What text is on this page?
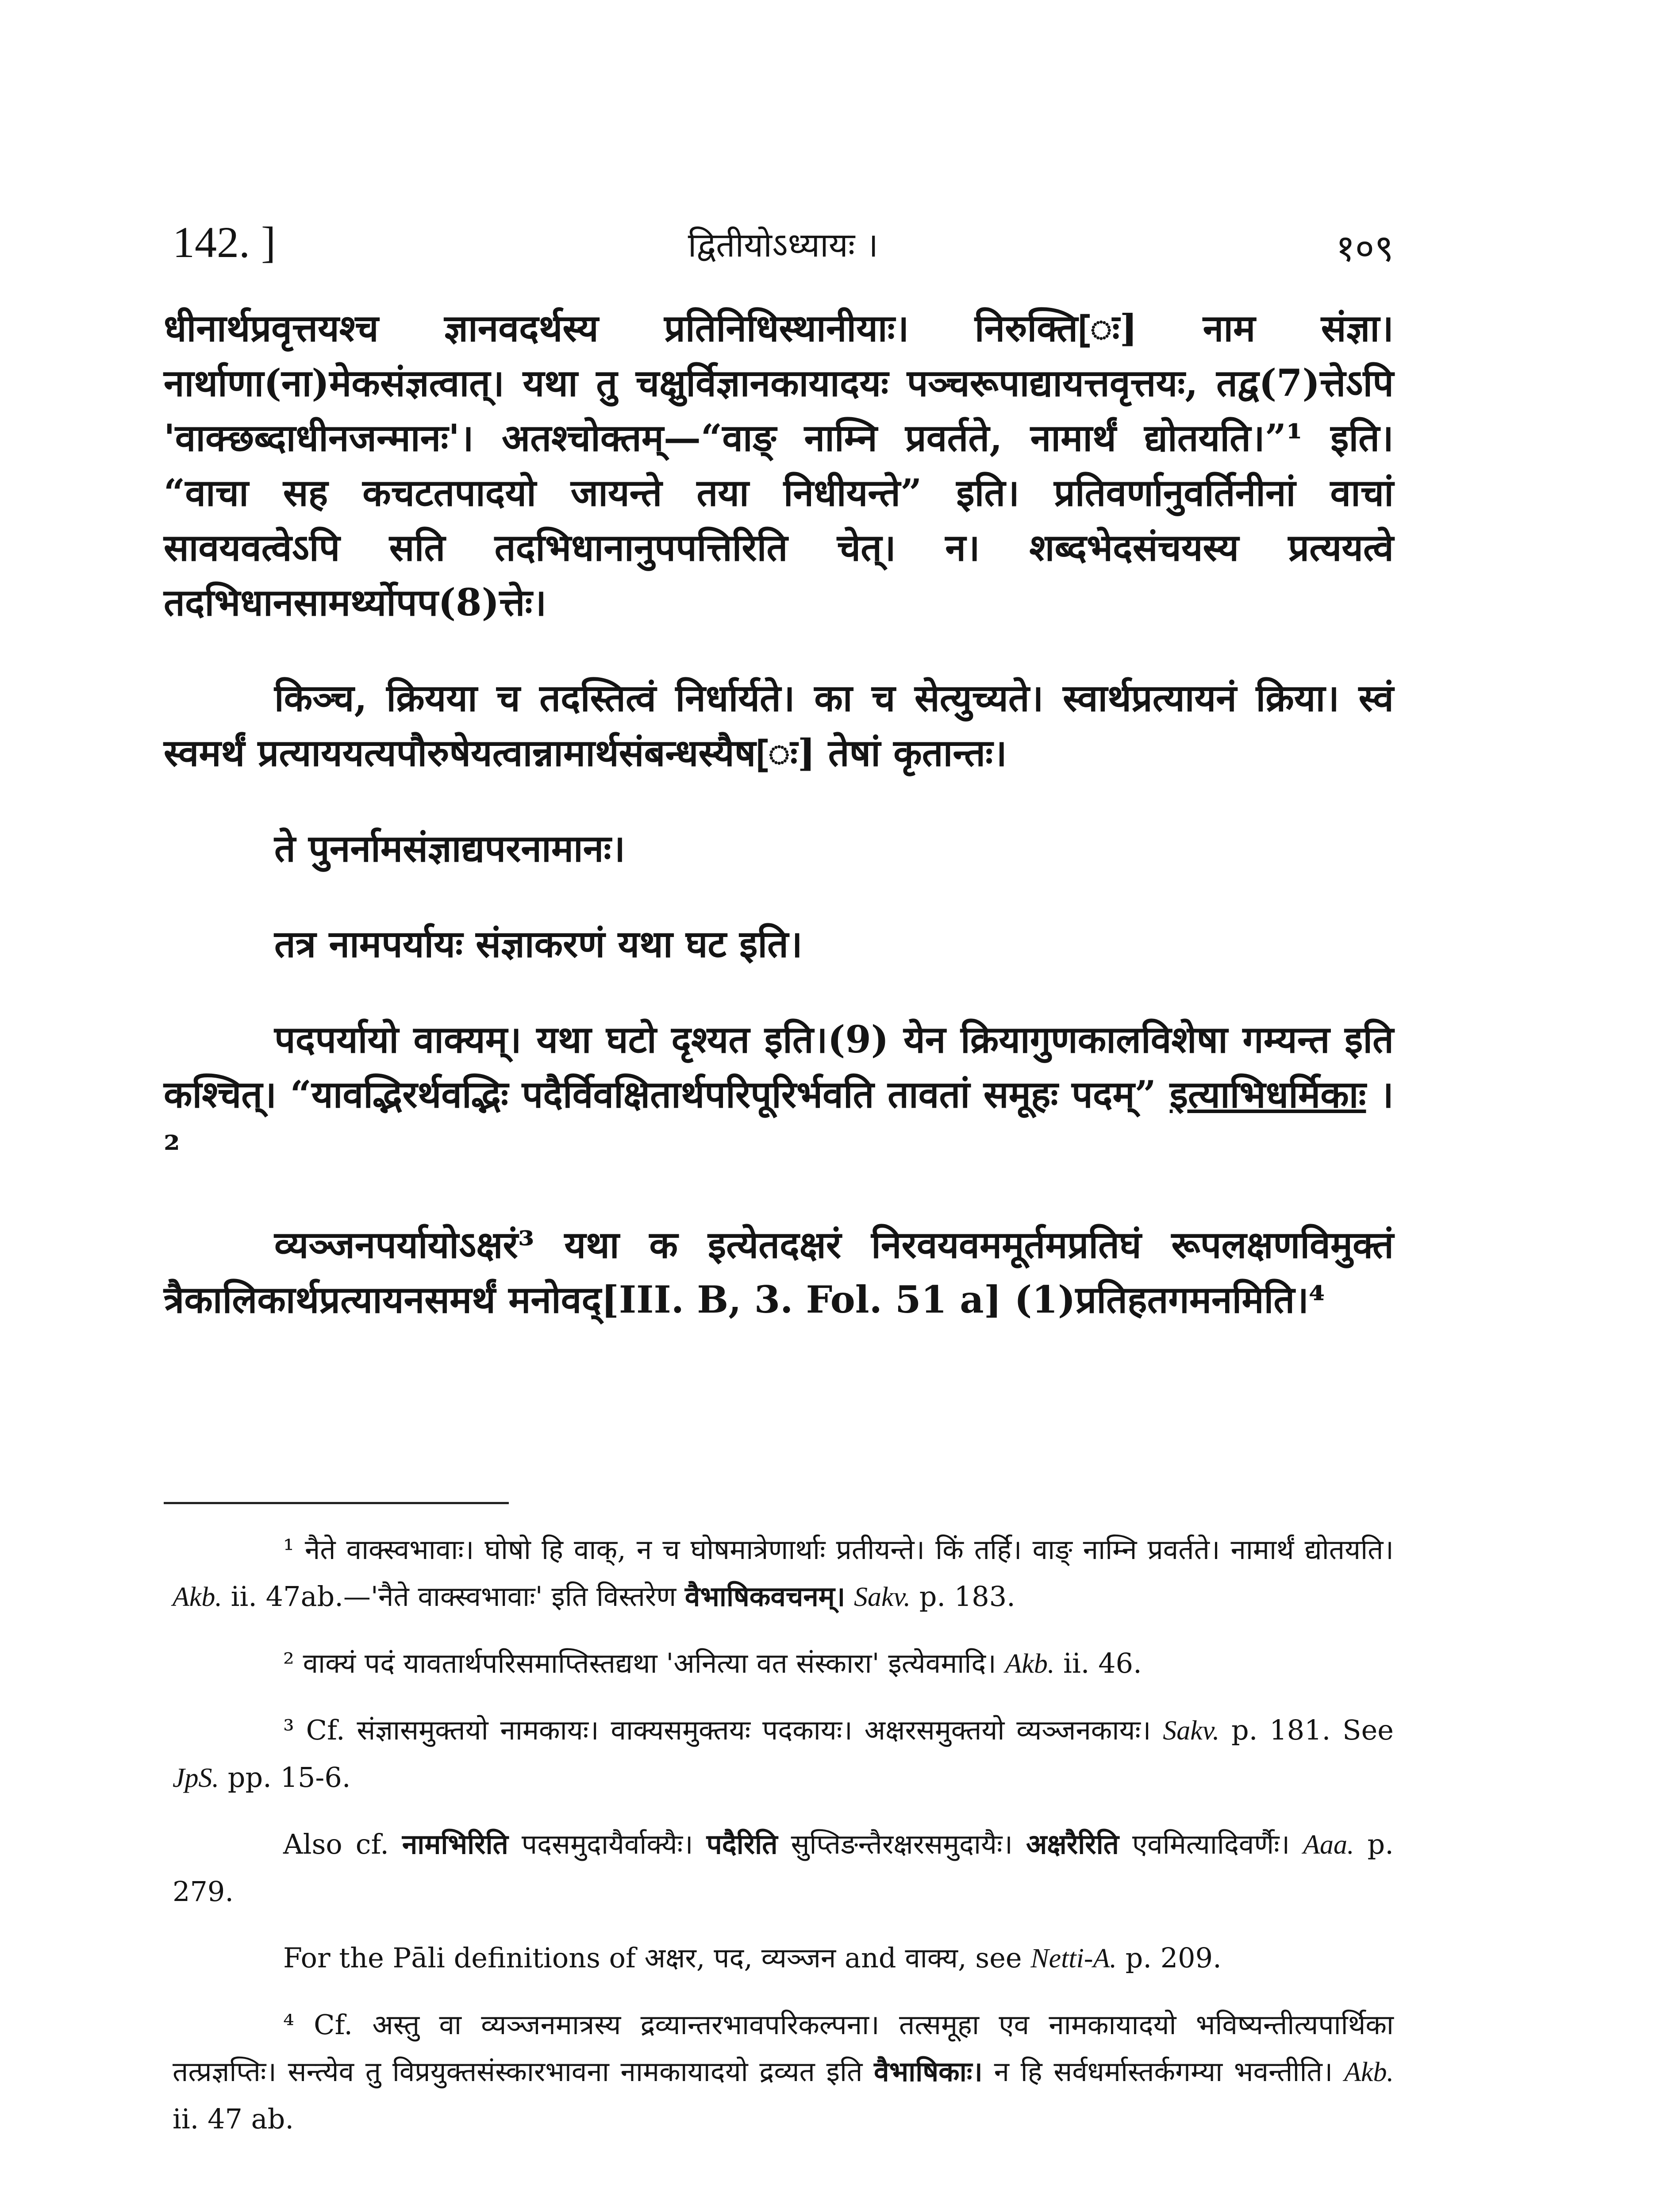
142. ]	द्वितीयोऽध्यायः ।	१०९

धीनार्थप्रवृत्तयश्च ज्ञानवदर्थस्य प्रतिनिधिस्थानीयाः। निरुक्ति[ः] नाम संज्ञा। नार्थाणा(ना)मेकसंज्ञत्वात्। यथा तु चक्षुर्विज्ञानकायादयः पञ्चरूपाद्यायत्तवृत्तयः, तद्व(7)त्तेऽपि 'वाक्छब्दाधीनजन्मानः'। अतश्चोक्तम्—“वाङ् नाम्नि प्रवर्तते, नामार्थं द्योतयति।”¹ इति। “वाचा सह कचटतपादयो जायन्ते तया निधीयन्ते” इति। प्रतिवर्णानुवर्तिनीनां वाचां सावयवत्वेऽपि सति तदभिधानानुपपत्तिरिति चेत्। न। शब्दभेदसंचयस्य प्रत्ययत्वे तदभिधानसामर्थ्योपप(8)त्तेः।

किञ्च, क्रियया च तदस्तित्वं निर्धार्यते। का च सेत्युच्यते। स्वार्थप्रत्यायनं क्रिया। स्वं स्वमर्थं प्रत्याययत्यपौरुषेयत्वान्नामार्थसंबन्धस्यैष[ः] तेषां कृतान्तः।

ते पुनर्नामसंज्ञाद्यपरनामानः।

तत्र नामपर्यायः संज्ञाकरणं यथा घट इति।

पदपर्यायो वाक्यम्। यथा घटो दृश्यत इति।(9) येन क्रियागुणकालविशेषा गम्यन्त इति कश्चित्। “यावद्भिरर्थवद्भिः पदैर्विवक्षितार्थपरिपूरिर्भवति तावतां समूहः पदम्” इत्याभिधर्मिकाः ।²

व्यञ्जनपर्यायोऽक्षरं³ यथा क इत्येतदक्षरं निरवयवममूर्तमप्रतिघं रूपलक्षणविमुक्तं त्रैकालिकार्थप्रत्यायनसमर्थं मनोवद्[III. B, 3. Fol. 51 a] (1)प्रतिहतगमनमिति।⁴

¹ नैते वाक्स्वभावाः। घोषो हि वाक्, न च घोषमात्रेणार्थाः प्रतीयन्ते। किं तर्हि। वाङ् नाम्नि प्रवर्तते। नामार्थं द्योतयति। Akb. ii. 47ab.—'नैते वाक्स्वभावाः' इति विस्तरेण वैभाषिकवचनम्। Sakv. p. 183.

² वाक्यं पदं यावतार्थपरिसमाप्तिस्तद्यथा 'अनित्या वत संस्कारा' इत्येवमादि। Akb. ii. 46.

³ Cf. संज्ञासमुक्तयो नामकायः। वाक्यसमुक्तयः पदकायः। अक्षरसमुक्तयो व्यञ्जनकायः। Sakv. p. 181. See JpS. pp. 15-6.

Also cf. नामभिरिति पदसमुदायैर्वाक्यैः। पदैरिति सुप्तिङन्तैरक्षरसमुदायैः। अक्षरैरिति एवमित्यादिवर्णैः। Aaa. p. 279.

For the Pāli definitions of अक्षर, पद, व्यञ्जन and वाक्य, see Netti-A. p. 209.

⁴ Cf. अस्तु वा व्यञ्जनमात्रस्य द्रव्यान्तरभावपरिकल्पना। तत्समूहा एव नामकायादयो भविष्यन्तीत्यपार्थिका तत्प्रज्ञप्तिः। सन्त्येव तु विप्रयुक्तसंस्कारभावना नामकायादयो द्रव्यत इति वैभाषिकाः। न हि सर्वधर्मास्तर्कगम्या भवन्तीति। Akb. ii. 47 ab.
